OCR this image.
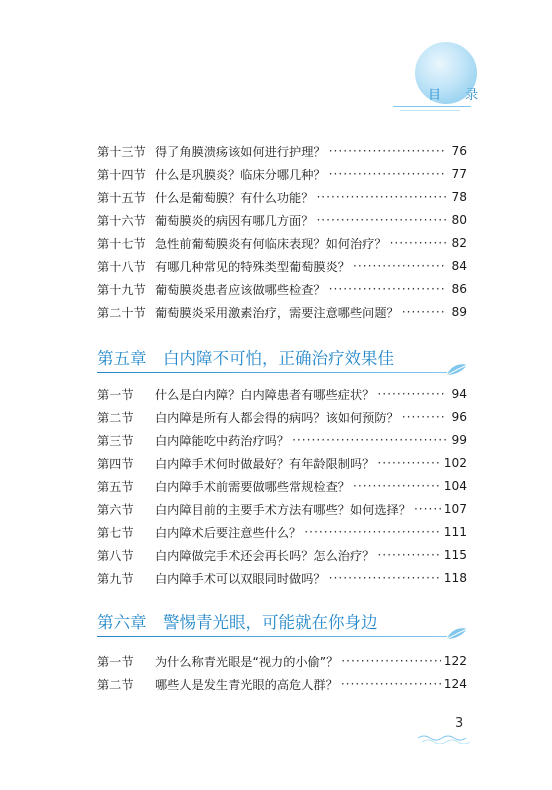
目 录
第十三节 得了角膜溃疡该如何进行护理？ ·····	76
第十四节 什么是巩膜炎？临床分哪几种？ ·····	77
第十五节 什么是葡萄膜？有什么功能？ ·····	78
第十六节 葡萄膜炎的病因有哪几方面？ ·····	80
第十七节 急性前葡萄膜炎有何临床表现？如何治疗？ ·····	82
第十八节 有哪几种常见的特殊类型葡萄膜炎？ ·····	84
第十九节 葡萄膜炎患者应该做哪些检查？ ·····	86
第二十节 葡萄膜炎采用激素治疗，需要注意哪些问题？ ·····	89
第五章　白内障不可怕，正确治疗效果佳
第一节	什么是白内障？白内障患者有哪些症状？ ·····	94
第二节	白内障是所有人都会得的病吗？该如何预防？ ·····	96
第三节	白内障能吃中药治疗吗？ ·····	99
第四节	白内障手术何时做最好？有年龄限制吗？ ·····	102
第五节	白内障手术前需要做哪些常规检查？ ·····	104
第六节	白内障目前的主要手术方法有哪些？如何选择？ ·····	107
第七节	白内障术后要注意些什么？ ·····	111
第八节	白内障做完手术还会再长吗？怎么治疗？ ·····	115
第九节	白内障手术可以双眼同时做吗？ ·····	118
第六章　警惕青光眼，可能就在你身边
第一节	为什么称青光眼是“视力的小偷”？ ·····	122
第二节	哪些人是发生青光眼的高危人群？ ·····	124
3
